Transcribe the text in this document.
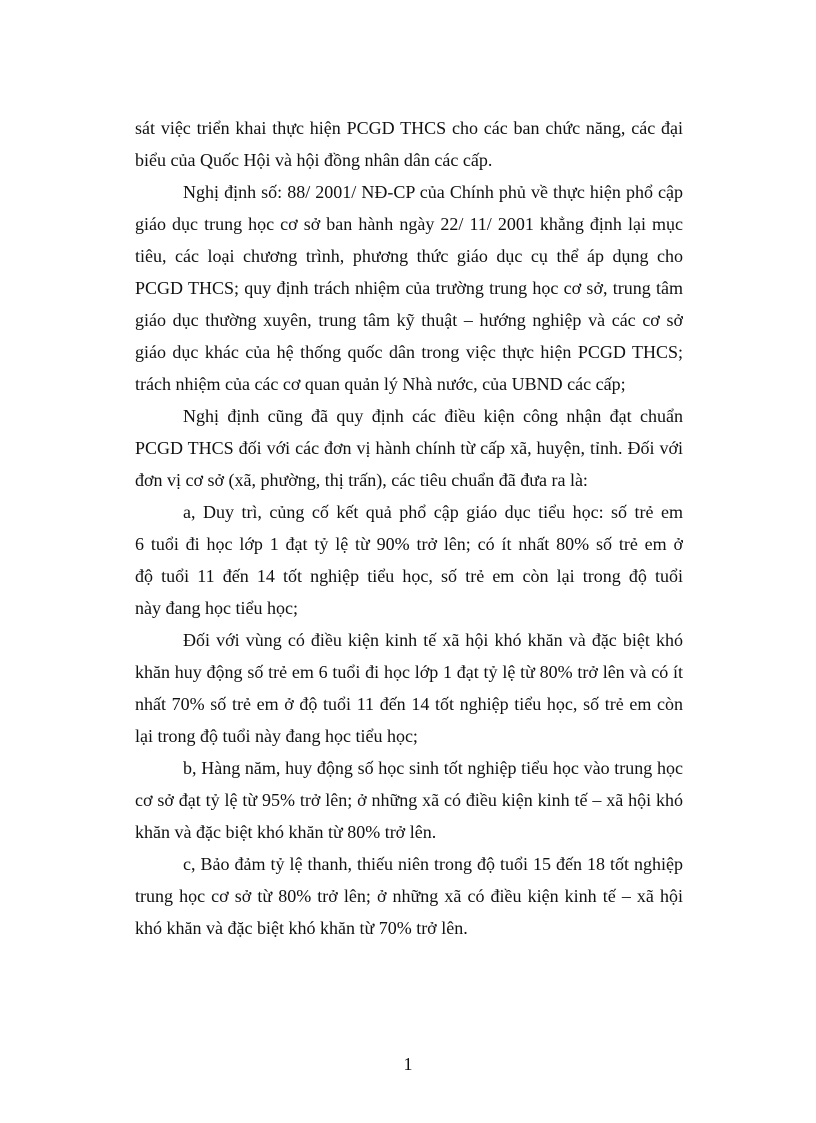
sát việc triển khai thực hiện PCGD THCS cho các ban chức năng, các đại
biểu của Quốc Hội và hội đồng nhân dân các cấp.
Nghị định số: 88/ 2001/ NĐ-CP của Chính phủ về thực hiện phổ cập
giáo dục trung học cơ sở ban hành ngày 22/ 11/ 2001 khẳng định lại mục
tiêu, các loại chương trình, phương thức giáo dục cụ thể áp dụng cho
PCGD THCS; quy định trách nhiệm của trường trung học cơ sở, trung tâm
giáo dục thường xuyên, trung tâm kỹ thuật – hướng nghiệp và các cơ sở
giáo dục khác của hệ thống quốc dân trong việc thực hiện PCGD THCS;
trách nhiệm của các cơ quan quản lý Nhà nước, của UBND các cấp;
Nghị định cũng đã quy định các điều kiện công nhận đạt chuẩn
PCGD THCS đối với các đơn vị hành chính từ cấp xã, huyện, tỉnh. Đối với
đơn vị cơ sở (xã, phường, thị trấn), các tiêu chuẩn đã đưa ra là:
a, Duy trì, củng cố kết quả phổ cập giáo dục tiểu học: số trẻ em
6 tuổi đi học lớp 1 đạt tỷ lệ từ 90% trở lên; có ít nhất 80% số trẻ em ở
độ tuổi 11 đến 14 tốt nghiệp tiểu học, số trẻ em còn lại trong độ tuổi
này đang học tiểu học;
Đối với vùng có điều kiện kinh tế xã hội khó khăn và đặc biệt khó
khăn huy động số trẻ em 6 tuổi đi học lớp 1 đạt tỷ lệ từ 80% trở lên và có ít
nhất 70% số trẻ em ở độ tuổi 11 đến 14 tốt nghiệp tiểu học, số trẻ em còn
lại trong độ tuổi này đang học tiểu học;
b, Hàng năm, huy động số học sinh tốt nghiệp tiểu học vào trung học
cơ sở đạt tỷ lệ từ 95% trở lên; ở những xã có điều kiện kinh tế – xã hội khó
khăn và đặc biệt khó khăn từ 80% trở lên.
c, Bảo đảm tỷ lệ thanh, thiếu niên trong độ tuổi 15 đến 18 tốt nghiệp
trung học cơ sở từ 80% trở lên; ở những xã có điều kiện kinh tế – xã hội
khó khăn và đặc biệt khó khăn từ 70% trở lên.
1
